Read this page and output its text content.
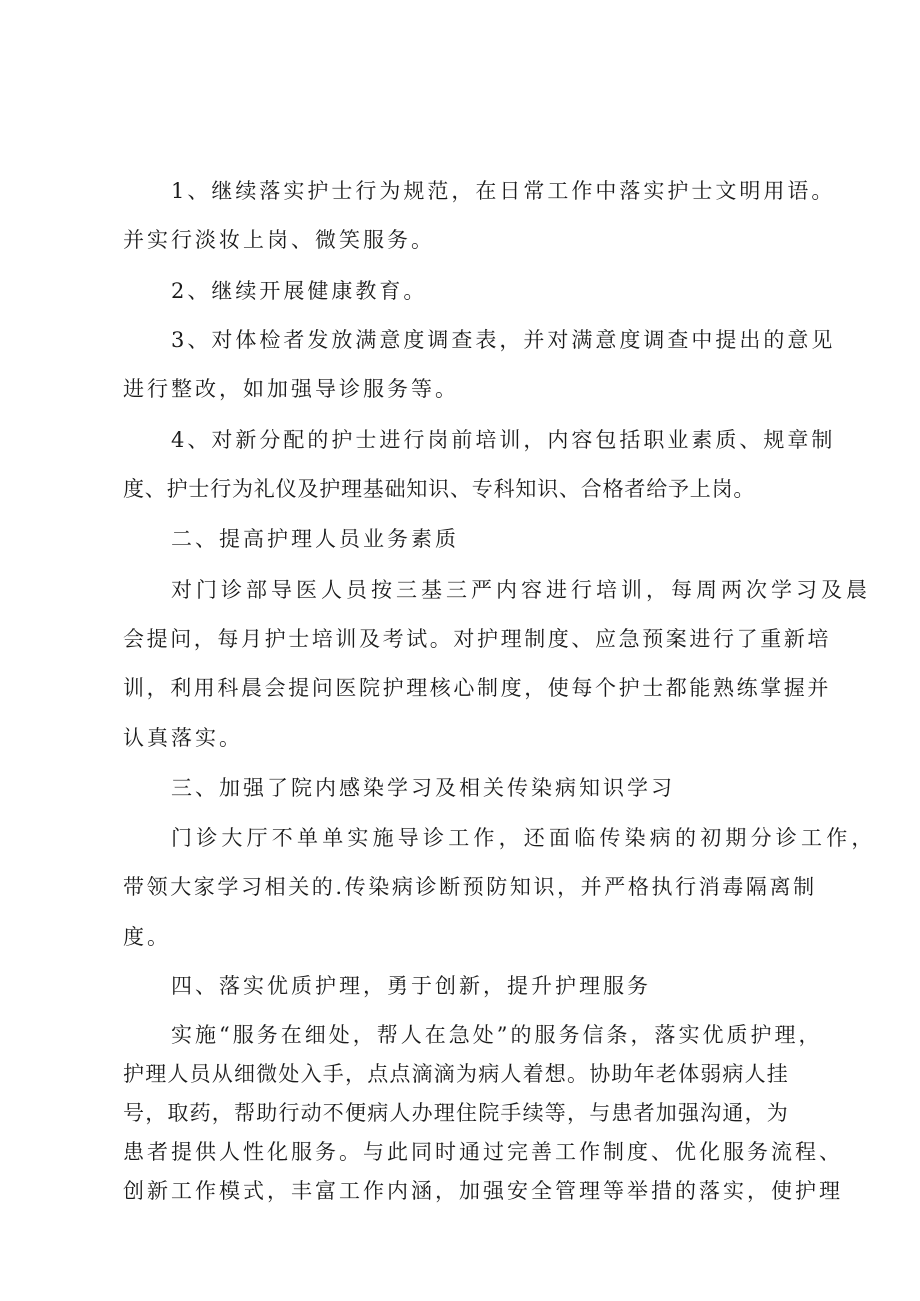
1、继续落实护士行为规范，在日常工作中落实护士文明用语。
并实行淡妆上岗、微笑服务。
2、继续开展健康教育。
3、对体检者发放满意度调查表，并对满意度调查中提出的意见
进行整改，如加强导诊服务等。
4、对新分配的护士进行岗前培训，内容包括职业素质、规章制
度、护士行为礼仪及护理基础知识、专科知识、合格者给予上岗。
二、提高护理人员业务素质
对门诊部导医人员按三基三严内容进行培训，每周两次学习及晨
会提问，每月护士培训及考试。对护理制度、应急预案进行了重新培
训，利用科晨会提问医院护理核心制度，使每个护士都能熟练掌握并
认真落实。
三、加强了院内感染学习及相关传染病知识学习
门诊大厅不单单实施导诊工作，还面临传染病的初期分诊工作，
带领大家学习相关的.传染病诊断预防知识，并严格执行消毒隔离制
度。
四、落实优质护理，勇于创新，提升护理服务
实施“服务在细处，帮人在急处”的服务信条，落实优质护理，
护理人员从细微处入手，点点滴滴为病人着想。协助年老体弱病人挂
号，取药，帮助行动不便病人办理住院手续等，与患者加强沟通，为
患者提供人性化服务。与此同时通过完善工作制度、优化服务流程、
创新工作模式，丰富工作内涵，加强安全管理等举措的落实，使护理
